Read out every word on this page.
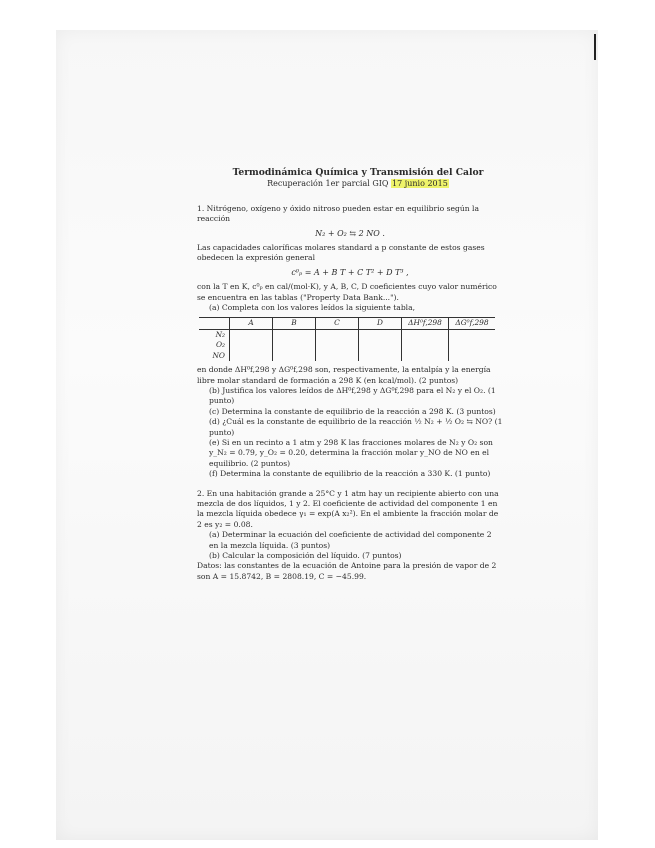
Termodinámica Química y Transmisión del Calor
Recuperación 1er parcial GIQ 17 junio 2015

1. Nitrógeno, oxígeno y óxido nitroso pueden estar en equilibrio según la reacción

N₂ + O₂ ⇆ 2 NO .

Las capacidades caloríficas molares standard a p constante de estos gases obedecen la expresión general

c⁰ₚ = A + B T + C T² + D T³ ,

con la T en K, c⁰ₚ en cal/(mol·K), y A, B, C, D coeficientes cuyo valor numérico se encuentra en las tablas ("Property Data Bank...").

(a) Completa con los valores leídos la siguiente tabla,

	A	B	C	D	ΔH⁰f,298	ΔG⁰f,298
N₂						
O₂						
NO						

en donde ΔH⁰f,298 y ΔG⁰f,298 son, respectivamente, la entalpía y la energía libre molar standard de formación a 298 K (en kcal/mol). (2 puntos)

(b) Justifica los valores leídos de ΔH⁰f,298 y ΔG⁰f,298 para el N₂ y el O₂. (1 punto)

(c) Determina la constante de equilibrio de la reacción a 298 K. (3 puntos)

(d) ¿Cuál es la constante de equilibrio de la reacción ½ N₂ + ½ O₂ ⇆ NO? (1 punto)

(e) Si en un recinto a 1 atm y 298 K las fracciones molares de N₂ y O₂ son y_N₂ = 0.79, y_O₂ = 0.20, determina la fracción molar y_NO de NO en el equilibrio. (2 puntos)

(f) Determina la constante de equilibrio de la reacción a 330 K. (1 punto)

2. En una habitación grande a 25°C y 1 atm hay un recipiente abierto con una mezcla de dos líquidos, 1 y 2. El coeficiente de actividad del componente 1 en la mezcla líquida obedece γ₁ = exp(A x₂²). En el ambiente la fracción molar de 2 es y₂ = 0.08.

(a) Determinar la ecuación del coeficiente de actividad del componente 2 en la mezcla líquida. (3 puntos)

(b) Calcular la composición del líquido. (7 puntos)

Datos: las constantes de la ecuación de Antoine para la presión de vapor de 2 son A = 15.8742, B = 2808.19, C = −45.99.
